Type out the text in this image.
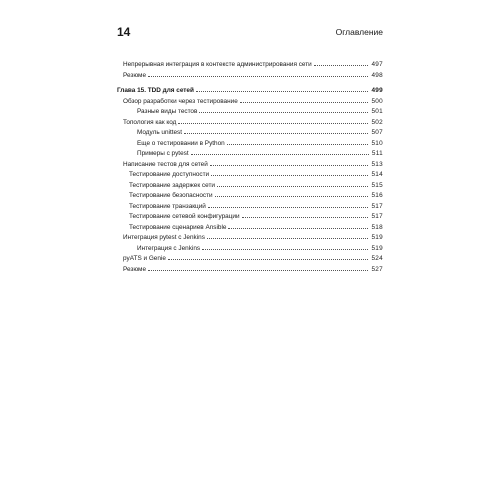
14	Оглавление
Непрерывная интеграция в контексте администрирования сети	497
Резюме	498
Глава 15. TDD для сетей	499
Обзор разработки через тестирование	500
Разные виды тестов	501
Топология как код	502
Модуль unittest	507
Еще о тестировании в Python	510
Примеры с pytest	511
Написание тестов для сетей	513
Тестирование доступности	514
Тестирование задержек сети	515
Тестирование безопасности	516
Тестирование транзакций	517
Тестирование сетевой конфигурации	517
Тестирование сценариев Ansible	518
Интеграция pytest с Jenkins	519
Интеграция с Jenkins	519
pyATS и Genie	524
Резюме	527
